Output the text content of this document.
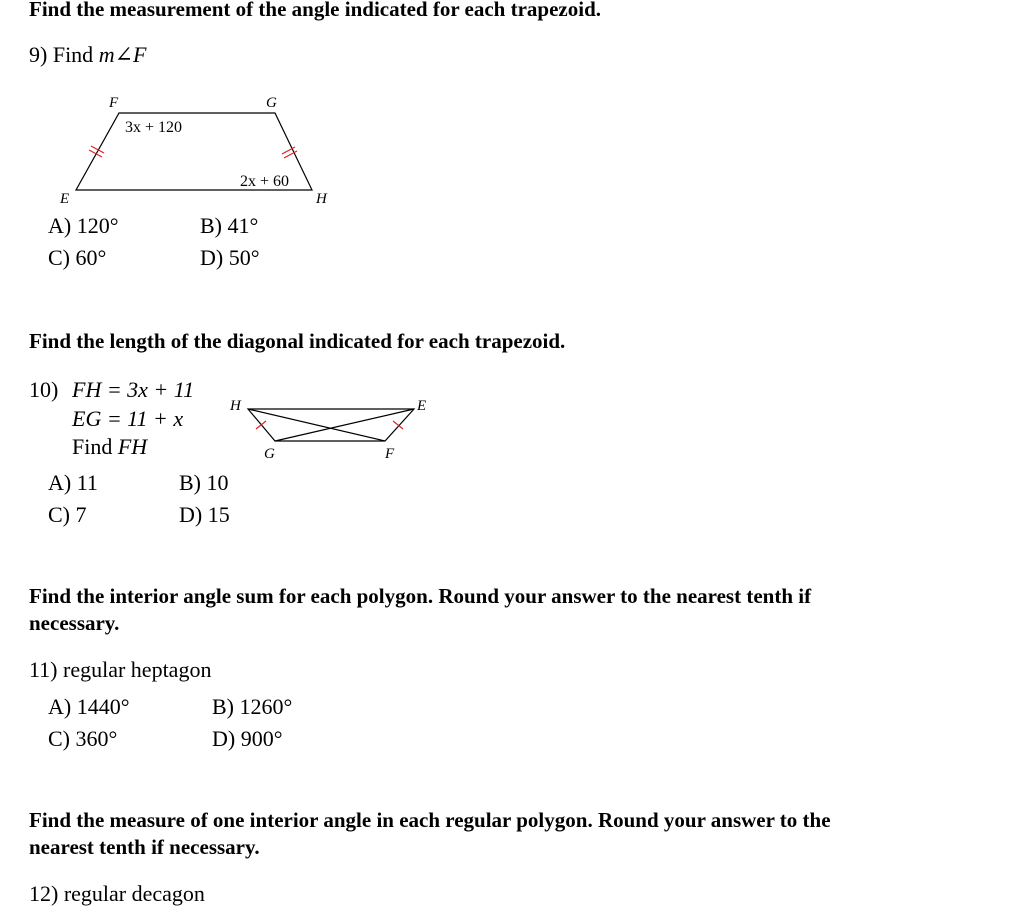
Find the measurement of the angle indicated for each trapezoid.
9) Find m∠F
F	G
E	H
3x + 120
2x + 60
A) 120°	B) 41°
C) 60°	D) 50°
Find the length of the diagonal indicated for each trapezoid.
10) FH = 3x + 11
EG = 11 + x
Find FH
H	E
G	F
A) 11	B) 10
C) 7	D) 15
Find the interior angle sum for each polygon. Round your answer to the nearest tenth if
necessary.
11) regular heptagon
A) 1440°	B) 1260°
C) 360°	D) 900°
Find the measure of one interior angle in each regular polygon. Round your answer to the
nearest tenth if necessary.
12) regular decagon
